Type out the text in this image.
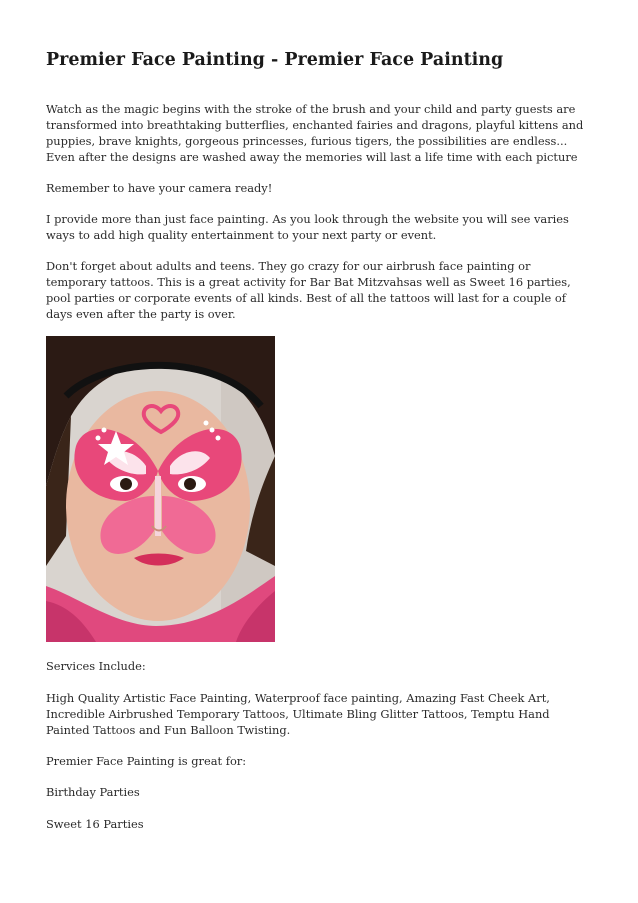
Premier Face Painting - Premier Face Painting

Watch as the magic begins with the stroke of the brush and your child and party guests are transformed into breathtaking butterflies, enchanted fairies and dragons, playful kittens and puppies, brave knights, gorgeous princesses, furious tigers, the possibilities are endless... Even after the designs are washed away the memories will last a life time with each picture

Remember to have your camera ready!

I provide more than just face painting. As you look through the website you will see varies ways to add high quality entertainment to your next party or event.

Don't forget about adults and teens. They go crazy for our airbrush face painting or temporary tattoos. This is a great activity for Bar Bat Mitzvahsas well as Sweet 16 parties, pool parties or corporate events of all kinds. Best of all the tattoos will last for a couple of days even after the party is over.

Services Include:

High Quality Artistic Face Painting, Waterproof face painting, Amazing Fast Cheek Art, Incredible Airbrushed Temporary Tattoos, Ultimate Bling Glitter Tattoos, Temptu Hand Painted Tattoos and Fun Balloon Twisting.

Premier Face Painting is great for:

Birthday Parties

Sweet 16 Parties
